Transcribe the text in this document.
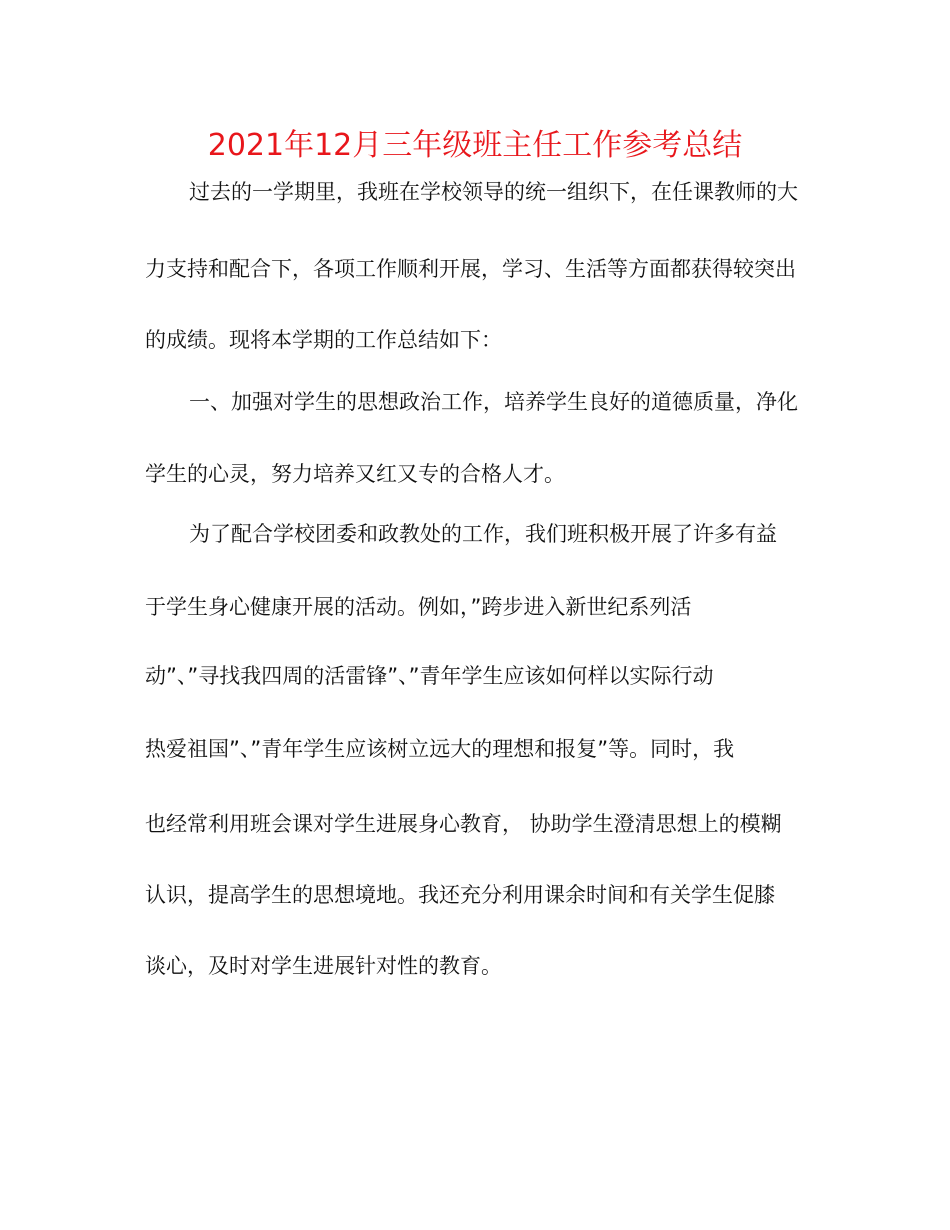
2021年12月三年级班主任工作参考总结

过去的一学期里，我班在学校领导的统一组织下，在任课教师的大

力支持和配合下，各项工作顺利开展，学习、生活等方面都获得较突出

的成绩。现将本学期的工作总结如下：

一、加强对学生的思想政治工作，培养学生良好的道德质量，净化

学生的心灵，努力培养又红又专的合格人才。

为了配合学校团委和政教处的工作，我们班积极开展了许多有益

于学生身心健康开展的活动。例如，”跨步进入新世纪系列活

动”、”寻找我四周的活雷锋”、”青年学生应该如何样以实际行动

热爱祖国”、”青年学生应该树立远大的理想和报复”等。同时，我

也经常利用班会课对学生进展身心教育， 协助学生澄清思想上的模糊

认识，提高学生的思想境地。我还充分利用课余时间和有关学生促膝

谈心，及时对学生进展针对性的教育。
